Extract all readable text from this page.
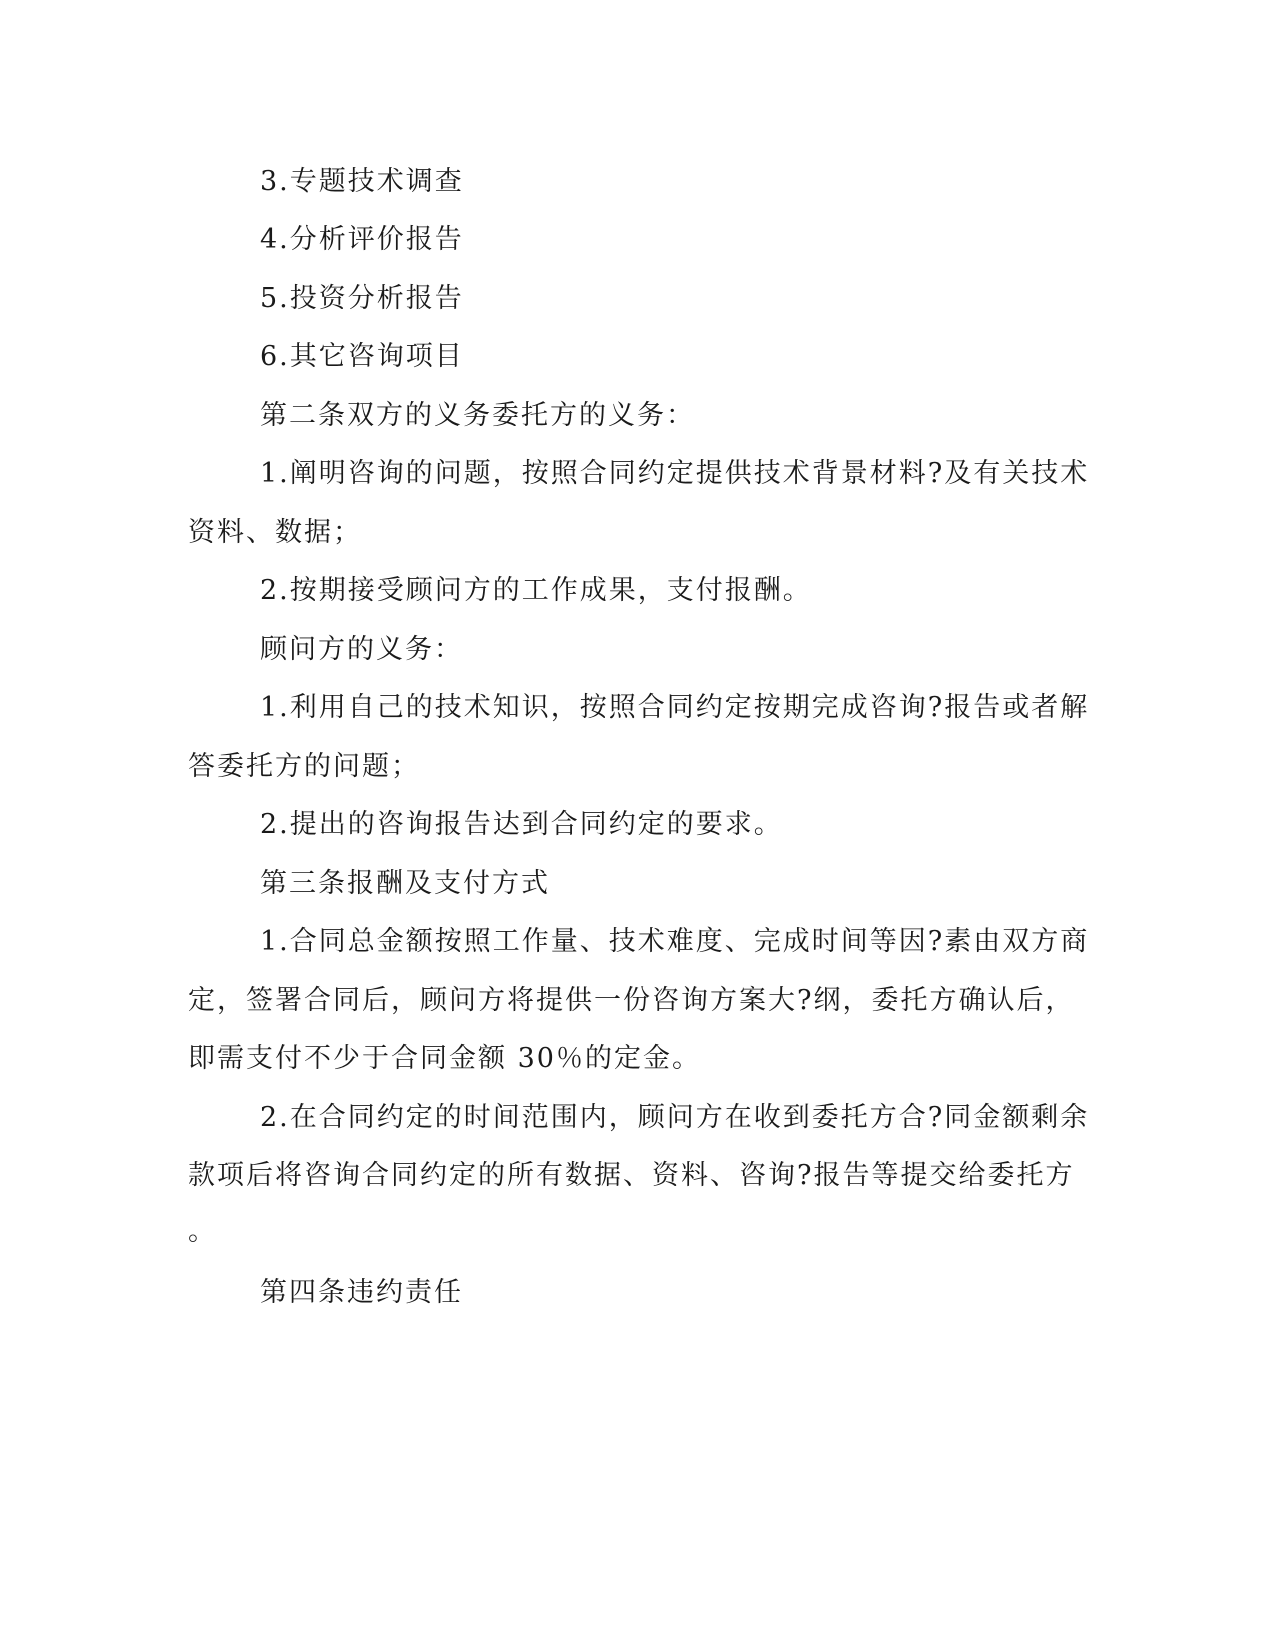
3.专题技术调查
4.分析评价报告
5.投资分析报告
6.其它咨询项目
第二条双方的义务委托方的义务：
1.阐明咨询的问题，按照合同约定提供技术背景材料?及有关技术
资料、数据；
2.按期接受顾问方的工作成果，支付报酬。
顾问方的义务：
1.利用自己的技术知识，按照合同约定按期完成咨询?报告或者解
答委托方的问题；
2.提出的咨询报告达到合同约定的要求。
第三条报酬及支付方式
1.合同总金额按照工作量、技术难度、完成时间等因?素由双方商
定，签署合同后，顾问方将提供一份咨询方案大?纲，委托方确认后，
即需支付不少于合同金额 30％的定金。
2.在合同约定的时间范围内，顾问方在收到委托方合?同金额剩余
款项后将咨询合同约定的所有数据、资料、咨询?报告等提交给委托方
。
第四条违约责任
